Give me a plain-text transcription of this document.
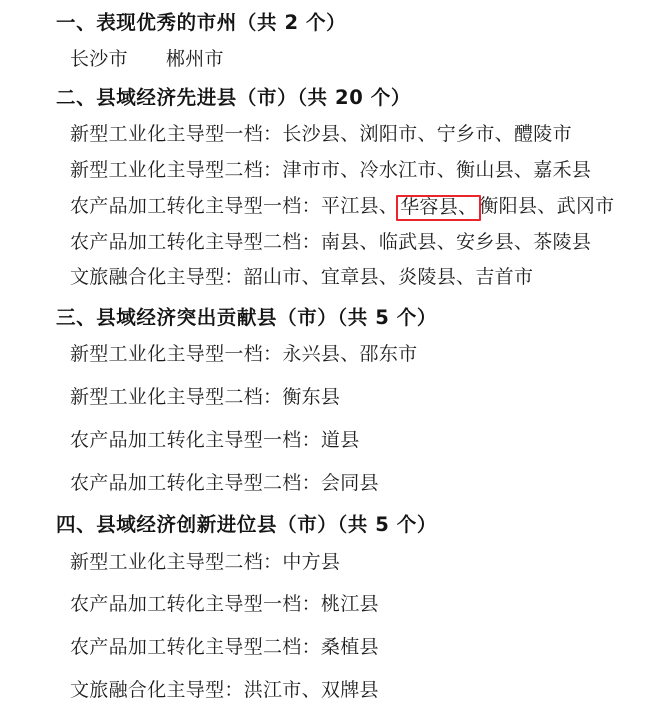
一、表现优秀的市州（共 2 个）
长沙市 郴州市
二、县域经济先进县（市）（共 20 个）
新型工业化主导型一档：长沙县、浏阳市、宁乡市、醴陵市
新型工业化主导型二档：津市市、冷水江市、衡山县、嘉禾县
农产品加工转化主导型一档：平江县、 华容县、 衡阳县、武冈市
农产品加工转化主导型二档：南县、临武县、安乡县、茶陵县
文旅融合化主导型：韶山市、宜章县、炎陵县、吉首市
三、县域经济突出贡献县（市）（共 5 个）
新型工业化主导型一档：永兴县、邵东市
新型工业化主导型二档：衡东县
农产品加工转化主导型一档：道县
农产品加工转化主导型二档：会同县
四、县域经济创新进位县（市）（共 5 个）
新型工业化主导型二档：中方县
农产品加工转化主导型一档：桃江县
农产品加工转化主导型二档：桑植县
文旅融合化主导型：洪江市、双牌县
